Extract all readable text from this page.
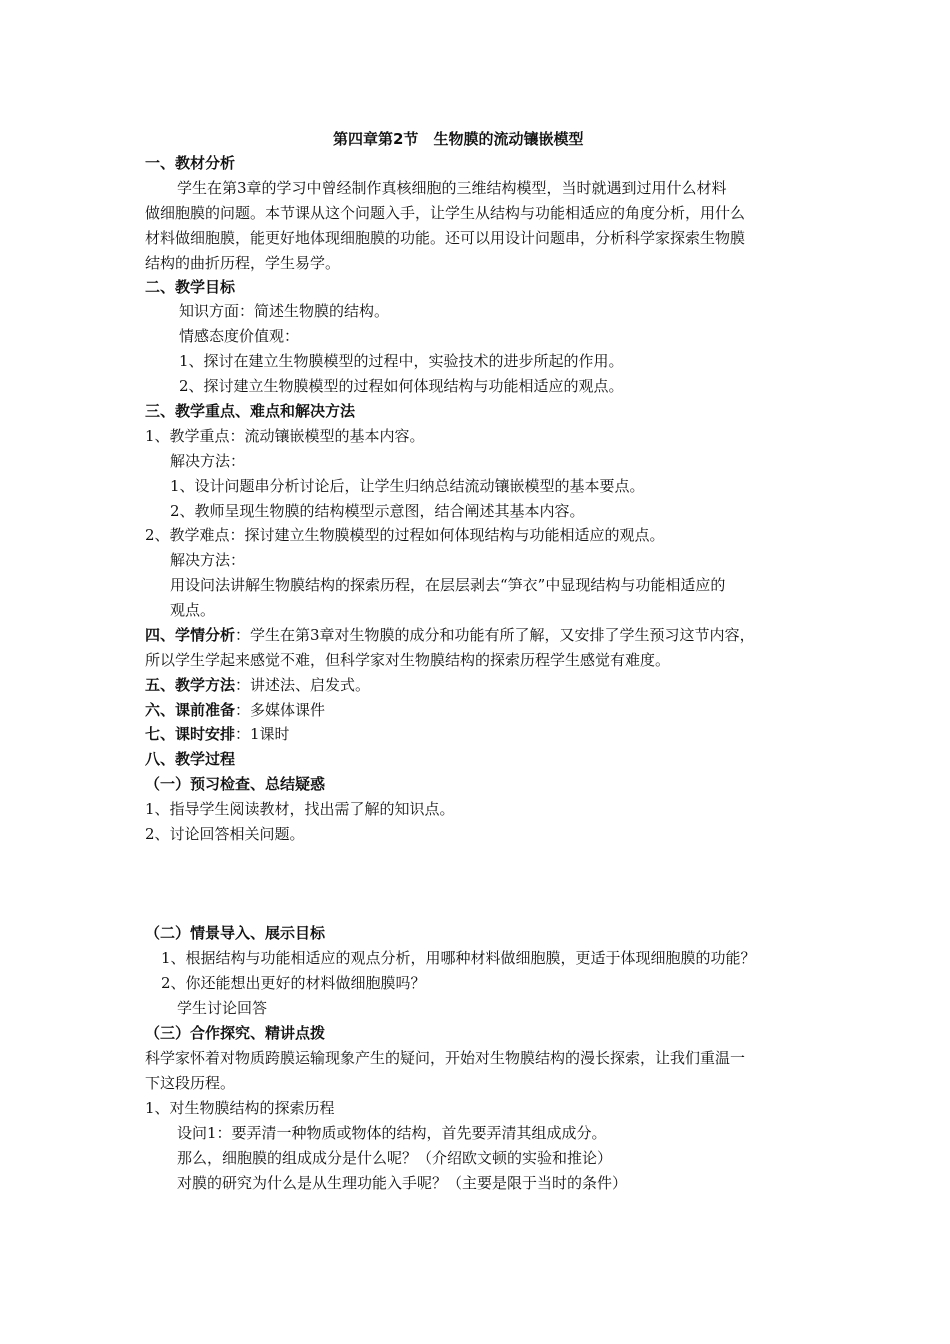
第四章第2节　生物膜的流动镶嵌模型
一、教材分析
学生在第3章的学习中曾经制作真核细胞的三维结构模型，当时就遇到过用什么材料
做细胞膜的问题。本节课从这个问题入手，让学生从结构与功能相适应的角度分析，用什么
材料做细胞膜，能更好地体现细胞膜的功能。还可以用设计问题串，分析科学家探索生物膜
结构的曲折历程，学生易学。
二、教学目标
知识方面：简述生物膜的结构。
情感态度价值观：
1、探讨在建立生物膜模型的过程中，实验技术的进步所起的作用。
2、探讨建立生物膜模型的过程如何体现结构与功能相适应的观点。
三、教学重点、难点和解决方法
1、教学重点：流动镶嵌模型的基本内容。
解决方法：
1、设计问题串分析讨论后，让学生归纳总结流动镶嵌模型的基本要点。
2、教师呈现生物膜的结构模型示意图，结合阐述其基本内容。
2、教学难点：探讨建立生物膜模型的过程如何体现结构与功能相适应的观点。
解决方法：
用设问法讲解生物膜结构的探索历程，在层层剥去“笋衣”中显现结构与功能相适应的
观点。
四、学情分析：学生在第3章对生物膜的成分和功能有所了解，又安排了学生预习这节内容，
所以学生学起来感觉不难，但科学家对生物膜结构的探索历程学生感觉有难度。
五、教学方法：讲述法、启发式。
六、课前准备：多媒体课件
七、课时安排：1课时
八、教学过程
（一）预习检查、总结疑惑
1、指导学生阅读教材，找出需了解的知识点。
2、讨论回答相关问题。
（二）情景导入、展示目标
1、根据结构与功能相适应的观点分析，用哪种材料做细胞膜，更适于体现细胞膜的功能？
2、你还能想出更好的材料做细胞膜吗？
学生讨论回答
（三）合作探究、精讲点拨
科学家怀着对物质跨膜运输现象产生的疑问，开始对生物膜结构的漫长探索，让我们重温一
下这段历程。
1、对生物膜结构的探索历程
设问1：要弄清一种物质或物体的结构，首先要弄清其组成成分。
那么，细胞膜的组成成分是什么呢？（介绍欧文顿的实验和推论）
对膜的研究为什么是从生理功能入手呢？（主要是限于当时的条件）
